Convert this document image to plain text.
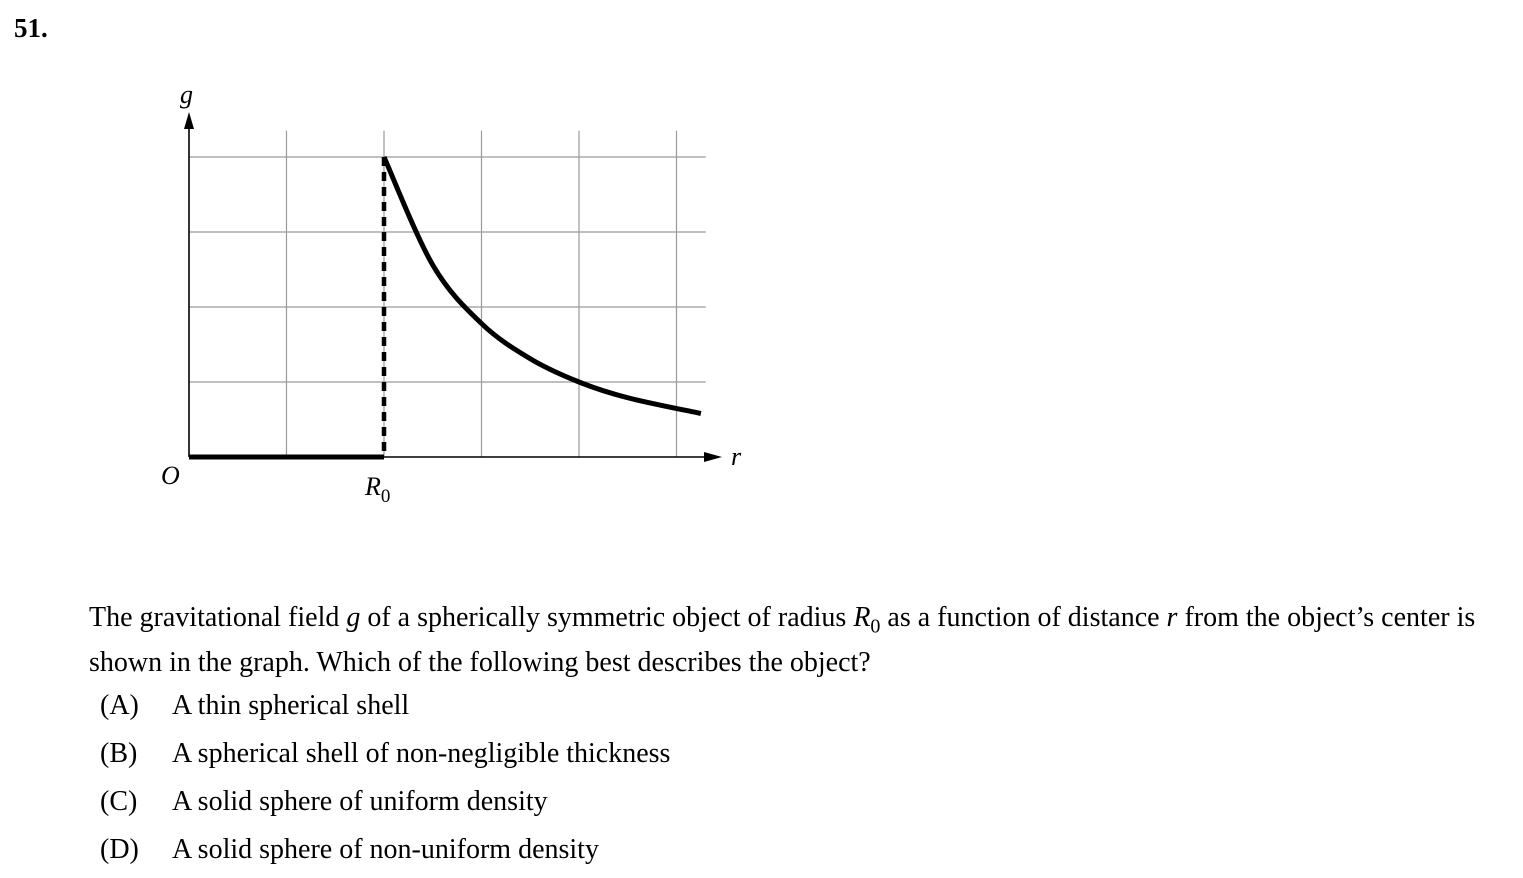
51.
g
r
O	$R_0$
The gravitational field g of a spherically symmetric object of radius $R_0$ as a function of distance r from the object’s center is shown in the graph. Which of the following best describes the object?
(A)	A thin spherical shell
(B)	A spherical shell of non-negligible thickness
(C)	A solid sphere of uniform density
(D)	A solid sphere of non-uniform density
